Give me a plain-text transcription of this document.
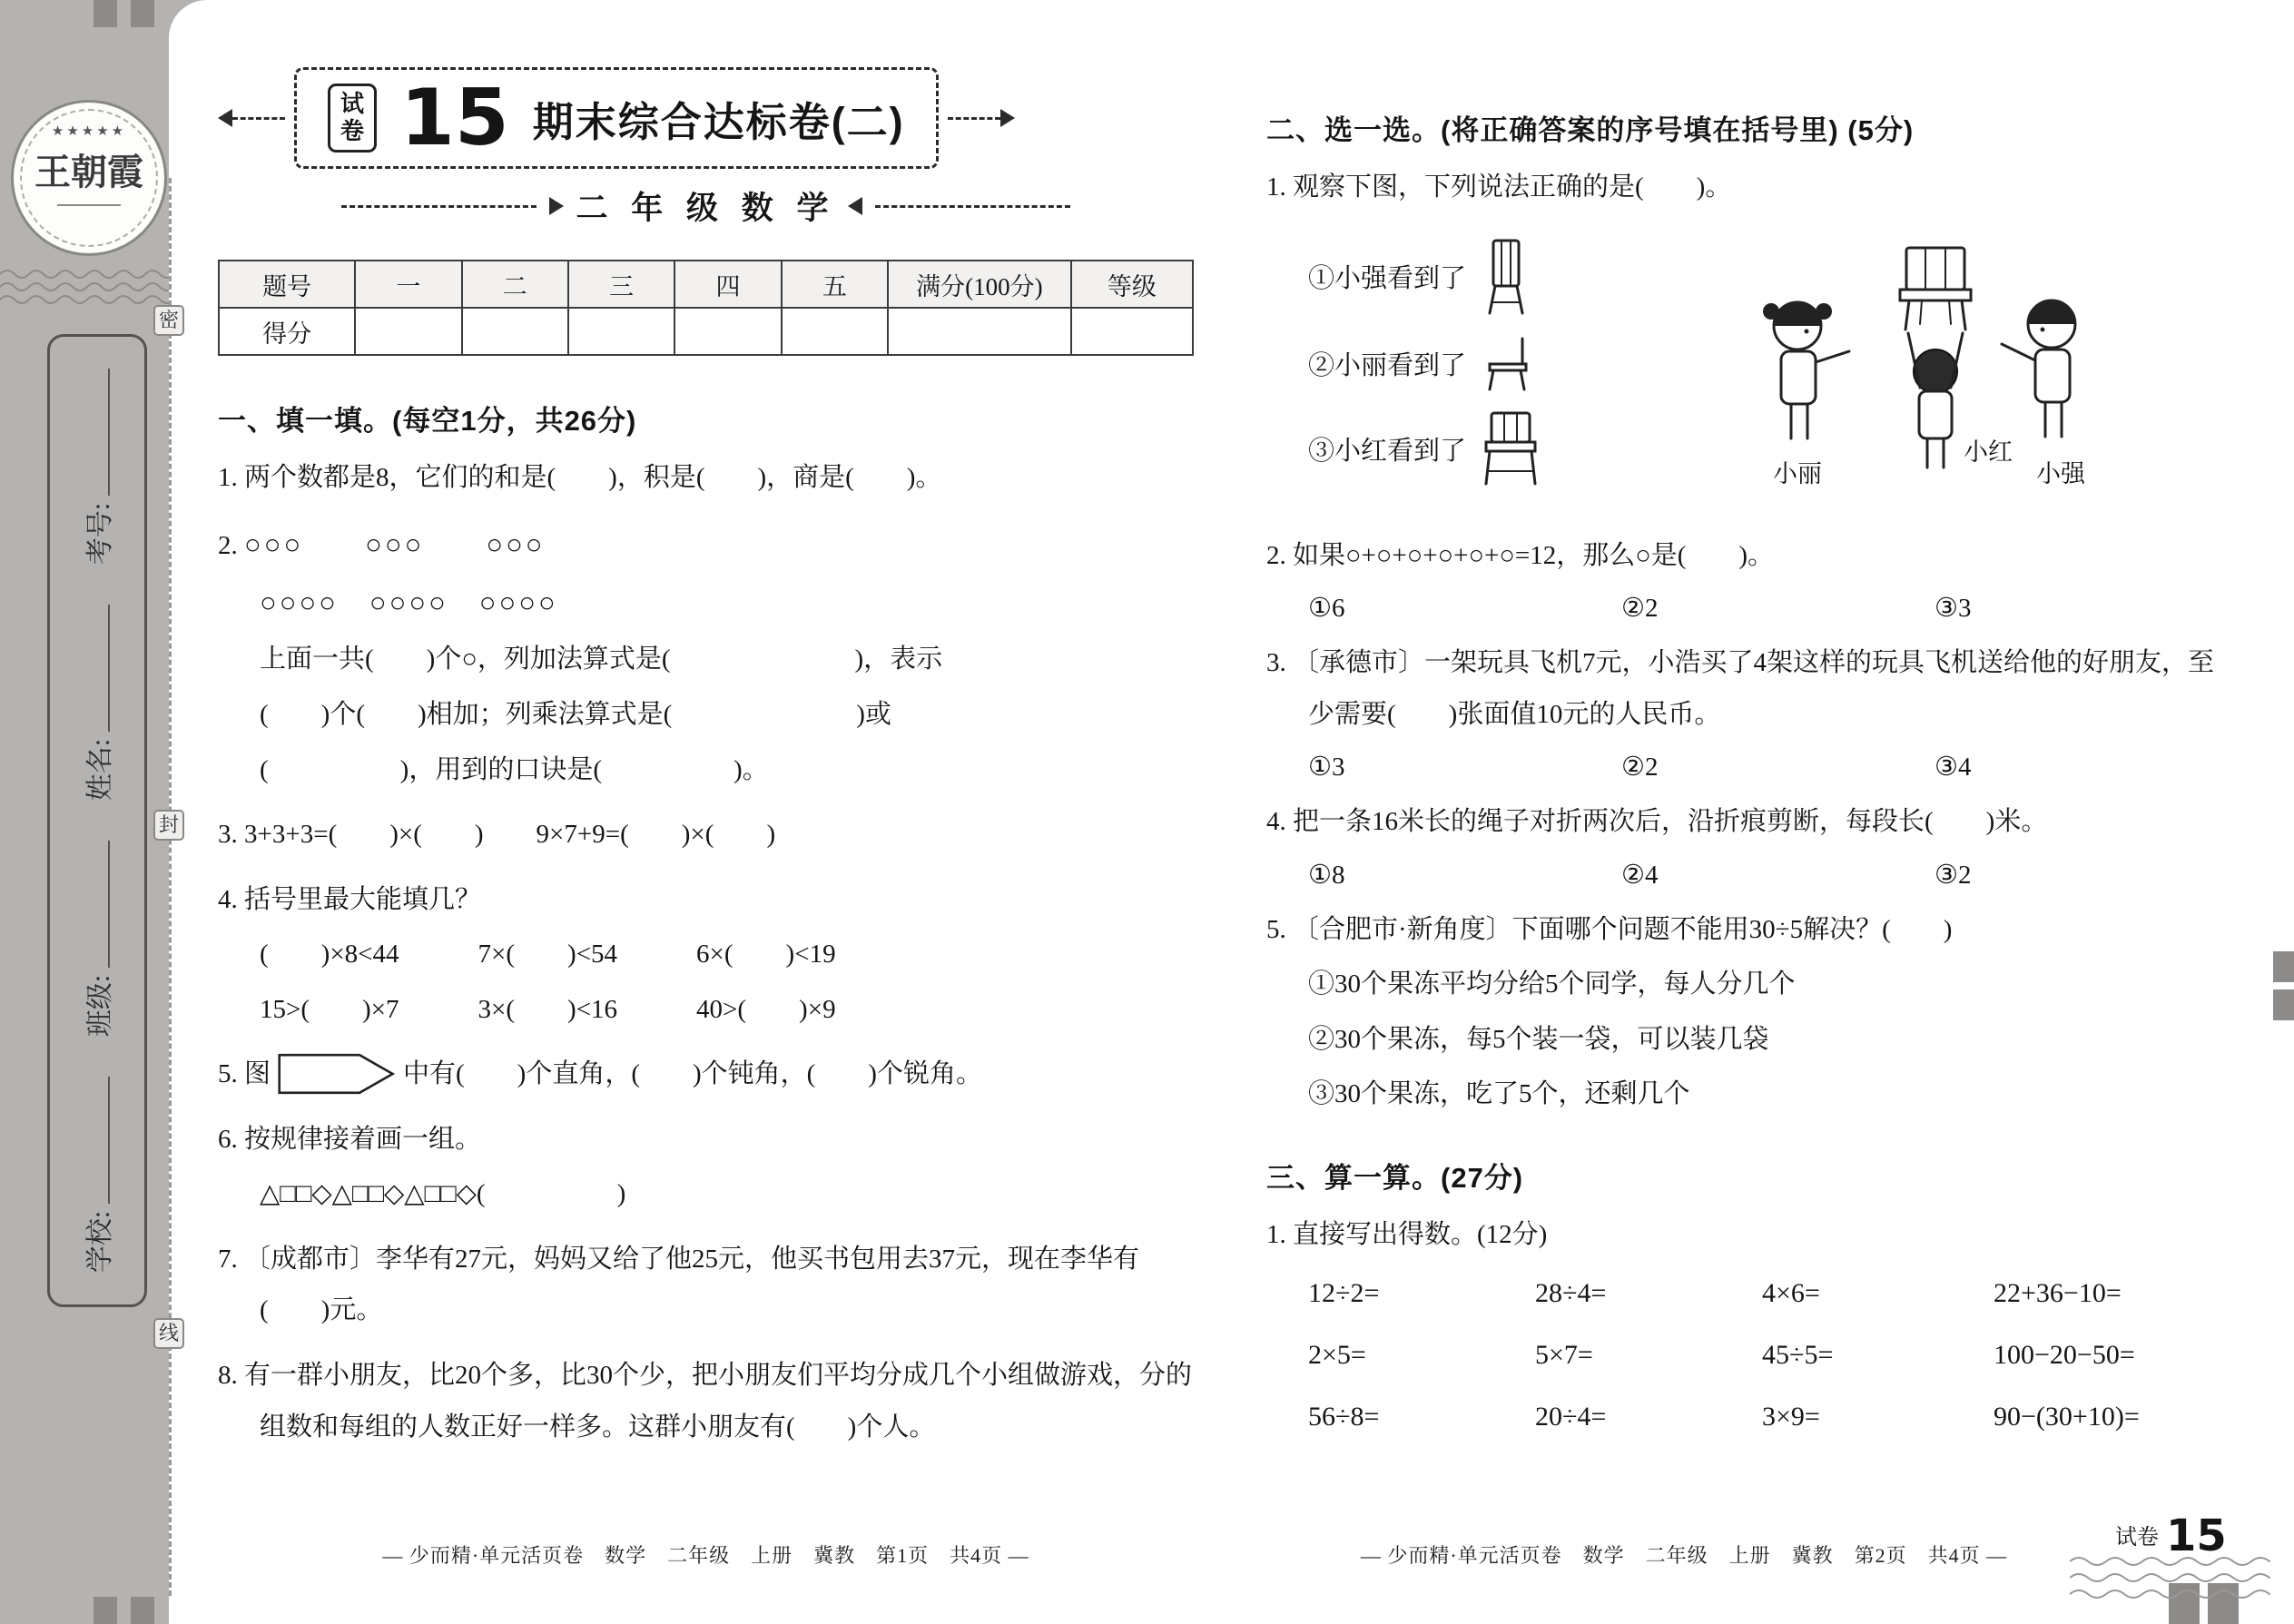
★★★★★
王朝霞
密
封
线
学校:
班级:
姓名:
考号:
试卷 15 期末综合达标卷(二)
二 年 级 数 学
题号	一	二	三	四	五	满分(100分)	等级
得分							
一、填一填。(每空1分，共26分)
1. 两个数都是8，它们的和是(　　)，积是(　　)，商是(　　)。
2. ○○○　　○○○　　○○○
○○○○　○○○○　○○○○
上面一共(　　)个○，列加法算式是(　　　　　　　)，表示
(　　)个(　　)相加；列乘法算式是(　　　　　　　)或
(　　　　　)，用到的口诀是(　　　　　)。
3. 3+3+3=(　　)×(　　)　　9×7+9=(　　)×(　　)
4. 括号里最大能填几？
(　　)×8<44　　　7×(　　)<54　　　6×(　　)<19
15>(　　)×7　　　3×(　　)<16　　　40>(　　)×9
5. 图	中有(　　)个直角，(　　)个钝角，(　　)个锐角。
6. 按规律接着画一组。
△□□◇△□□◇△□□◇(　　　　　)
7. 〔成都市〕李华有27元，妈妈又给了他25元，他买书包用去37元，现在李华有(　　)元。
8. 有一群小朋友，比20个多，比30个少，把小朋友们平均分成几个小组做游戏，分的组数和每组的人数正好一样多。这群小朋友有(　　)个人。
— 少而精·单元活页卷　数学　二年级　上册　冀教　第1页　共4页 —
二、选一选。(将正确答案的序号填在括号里) (5分)
1. 观察下图，下列说法正确的是(　　)。
①小强看到了
②小丽看到了
③小红看到了
小丽	小强
小红
2. 如果○+○+○+○+○+○=12，那么○是(　　)。
①6	②2	③3
3. 〔承德市〕一架玩具飞机7元，小浩买了4架这样的玩具飞机送给他的好朋友，至少需要(　　)张面值10元的人民币。
①3	②2	③4
4. 把一条16米长的绳子对折两次后，沿折痕剪断，每段长(　　)米。
①8	②4	③2
5. 〔合肥市·新角度〕下面哪个问题不能用30÷5解决？(　　)
①30个果冻平均分给5个同学，每人分几个
②30个果冻，每5个装一袋，可以装几袋
③30个果冻，吃了5个，还剩几个
三、算一算。(27分)
1. 直接写出得数。(12分)
12÷2=	28÷4=	4×6=	22+36−10=
2×5=	5×7=	45÷5=	100−20−50=
56÷8=	20÷4=	3×9=	90−(30+10)=
— 少而精·单元活页卷　数学　二年级　上册　冀教　第2页　共4页 —
试卷 15
